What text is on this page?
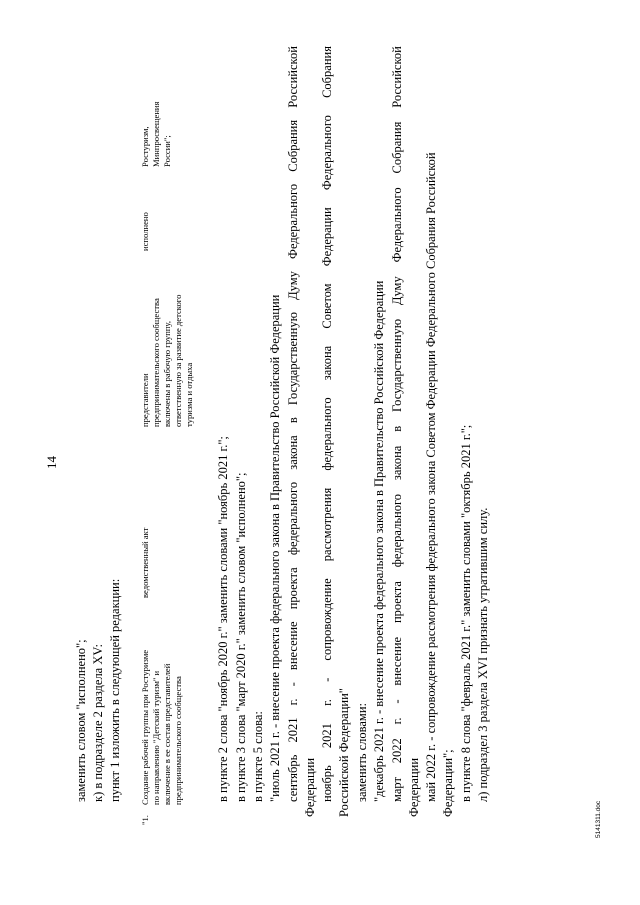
14
заменить словом "исполнено"; к) в подразделе 2 раздела XV: пункт 1 изложить в следующей редакции:
"1.
Создание рабочей группы при Ростуризме по направлению "Детский туризм" и включение в ее состав представителей предпринимательского сообщества
ведомственный акт
представители предпринимательского сообщества включены в рабочую группу, ответственную за развитие детского туризма и отдыха
исполнено
Ростуризм, Минпросвещения России";
в пункте 2 слова "ноябрь 2020 г." заменить словами "ноябрь 2021 г."; в пункте 3 слова "март 2020 г." заменить словом "исполнено"; в пункте 5 слова: "июль 2021 г. - внесение проекта федерального закона в Правительство Российской Федерации сентябрь
2021
г.
-
внесение
проекта
федерального
закона
в
Государственную
Думу
Федерального
Собрания
Российской
Федерации ноябрь
2021
г.
-
сопровождение
рассмотрения
федерального
закона
Советом
Федерации
Федерального
Собрания
Российской Федерации" заменить словами: "декабрь 2021 г. - внесение проекта федерального закона в Правительство Российской Федерации март
2022
г.
-
внесение
проекта
федерального
закона
в
Государственную
Думу
Федерального
Собрания
Российской
Федерации май 2022 г. - сопровождение рассмотрения федерального закона Советом Федерации Федерального Собрания Российской Федерации"; в пункте 8 слова "февраль 2021 г." заменить словами "октябрь 2021 г."; л) подраздел 3 раздела XVI признать утратившим силу.
5141311.doc
